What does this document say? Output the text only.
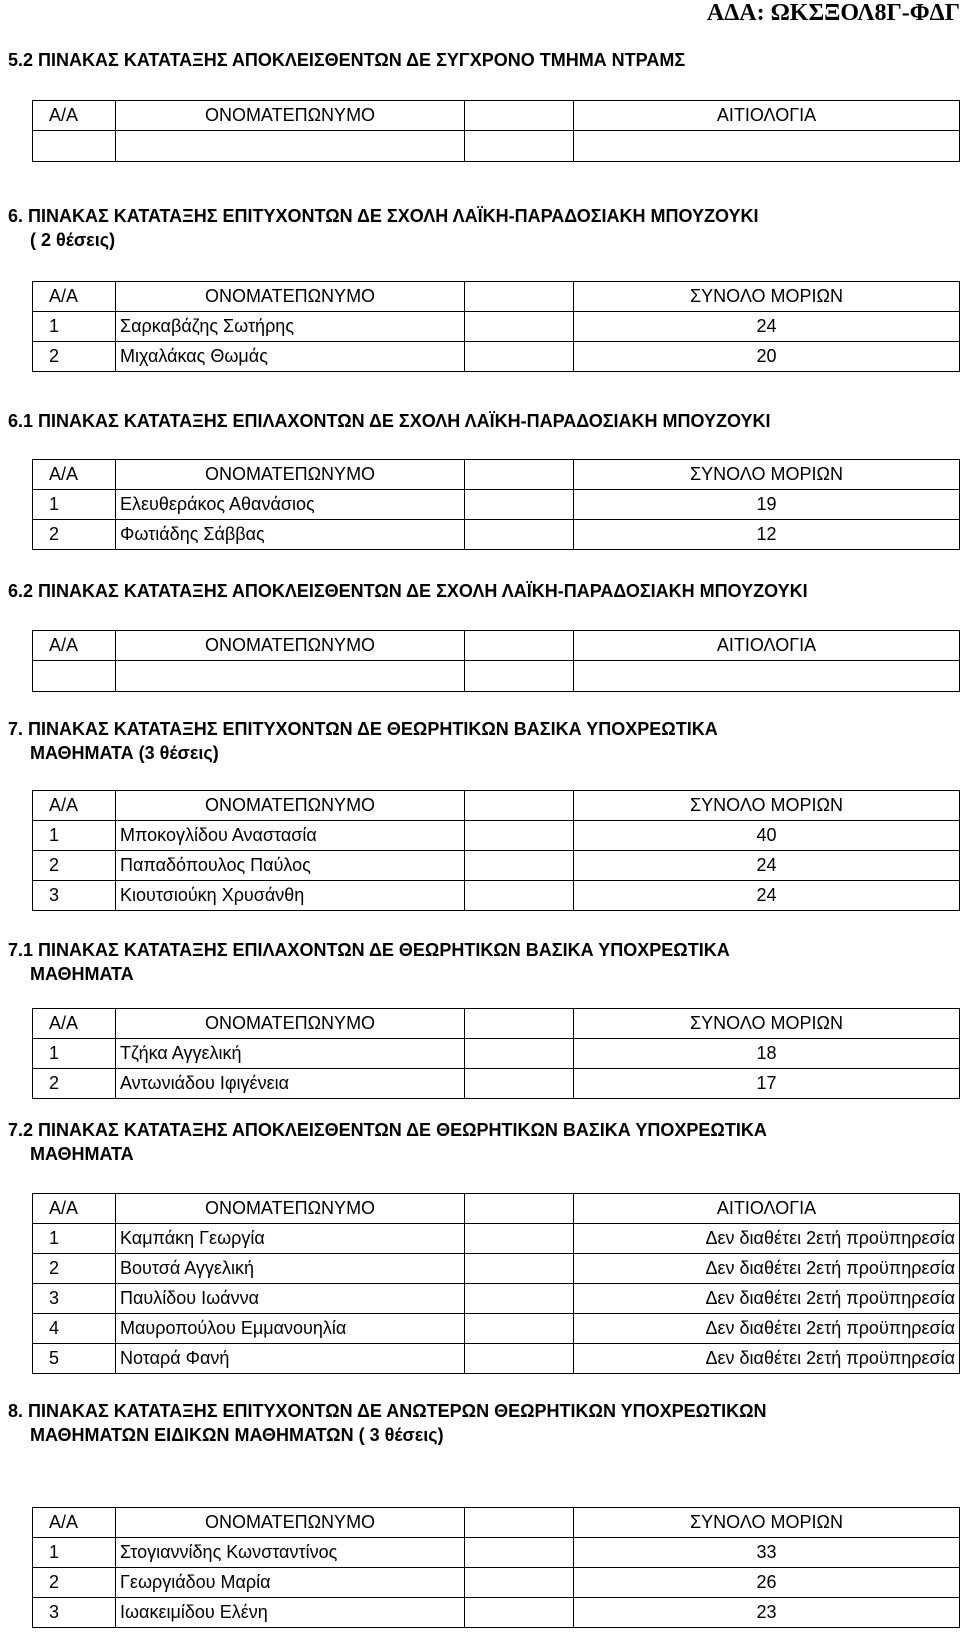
ΑΔΑ: ΩΚΣΞΟΛ8Γ-ΦΔΓ
5.2 ΠΙΝΑΚΑΣ ΚΑΤΑΤΑΞΗΣ ΑΠΟΚΛΕΙΣΘΕΝΤΩΝ ΔΕ ΣΥΓΧΡΟΝΟ ΤΜΗΜΑ ΝΤΡΑΜΣ
Α/Α	ΟΝΟΜΑΤΕΠΩΝΥΜΟ		ΑΙΤΙΟΛΟΓΙΑ

6. ΠΙΝΑΚΑΣ ΚΑΤΑΤΑΞΗΣ ΕΠΙΤΥΧΟΝΤΩΝ ΔΕ ΣΧΟΛΗ ΛΑΪΚΗ-ΠΑΡΑΔΟΣΙΑΚΗ ΜΠΟΥΖΟΥΚΙ
( 2 θέσεις)
Α/Α	ΟΝΟΜΑΤΕΠΩΝΥΜΟ		ΣΥΝΟΛΟ ΜΟΡΙΩΝ
1	Σαρκαβάζης Σωτήρης		24
2	Μιχαλάκας Θωμάς		20
6.1 ΠΙΝΑΚΑΣ ΚΑΤΑΤΑΞΗΣ ΕΠΙΛΑΧΟΝΤΩΝ ΔΕ ΣΧΟΛΗ ΛΑΪΚΗ-ΠΑΡΑΔΟΣΙΑΚΗ ΜΠΟΥΖΟΥΚΙ
Α/Α	ΟΝΟΜΑΤΕΠΩΝΥΜΟ		ΣΥΝΟΛΟ ΜΟΡΙΩΝ
1	Ελευθεράκος Αθανάσιος		19
2	Φωτιάδης Σάββας		12
6.2 ΠΙΝΑΚΑΣ ΚΑΤΑΤΑΞΗΣ ΑΠΟΚΛΕΙΣΘΕΝΤΩΝ ΔΕ ΣΧΟΛΗ ΛΑΪΚΗ-ΠΑΡΑΔΟΣΙΑΚΗ ΜΠΟΥΖΟΥΚΙ
Α/Α	ΟΝΟΜΑΤΕΠΩΝΥΜΟ		ΑΙΤΙΟΛΟΓΙΑ

7. ΠΙΝΑΚΑΣ ΚΑΤΑΤΑΞΗΣ ΕΠΙΤΥΧΟΝΤΩΝ ΔΕ ΘΕΩΡΗΤΙΚΩΝ ΒΑΣΙΚΑ ΥΠΟΧΡΕΩΤΙΚΑ
ΜΑΘΗΜΑΤΑ (3 θέσεις)
Α/Α	ΟΝΟΜΑΤΕΠΩΝΥΜΟ		ΣΥΝΟΛΟ ΜΟΡΙΩΝ
1	Μποκογλίδου Αναστασία		40
2	Παπαδόπουλος Παύλος		24
3	Κιουτσιούκη Χρυσάνθη		24
7.1 ΠΙΝΑΚΑΣ ΚΑΤΑΤΑΞΗΣ ΕΠΙΛΑΧΟΝΤΩΝ ΔΕ ΘΕΩΡΗΤΙΚΩΝ ΒΑΣΙΚΑ ΥΠΟΧΡΕΩΤΙΚΑ
ΜΑΘΗΜΑΤΑ
Α/Α	ΟΝΟΜΑΤΕΠΩΝΥΜΟ		ΣΥΝΟΛΟ ΜΟΡΙΩΝ
1	Τζήκα Αγγελική		18
2	Αντωνιάδου Ιφιγένεια		17
7.2 ΠΙΝΑΚΑΣ ΚΑΤΑΤΑΞΗΣ ΑΠΟΚΛΕΙΣΘΕΝΤΩΝ ΔΕ ΘΕΩΡΗΤΙΚΩΝ ΒΑΣΙΚΑ ΥΠΟΧΡΕΩΤΙΚΑ
ΜΑΘΗΜΑΤΑ
Α/Α	ΟΝΟΜΑΤΕΠΩΝΥΜΟ		ΑΙΤΙΟΛΟΓΙΑ
1	Καμπάκη Γεωργία		Δεν διαθέτει 2ετή προϋπηρεσία
2	Βουτσά Αγγελική		Δεν διαθέτει 2ετή προϋπηρεσία
3	Παυλίδου Ιωάννα		Δεν διαθέτει 2ετή προϋπηρεσία
4	Μαυροπούλου Εμμανουηλία		Δεν διαθέτει 2ετή προϋπηρεσία
5	Νοταρά Φανή		Δεν διαθέτει 2ετή προϋπηρεσία
8. ΠΙΝΑΚΑΣ ΚΑΤΑΤΑΞΗΣ ΕΠΙΤΥΧΟΝΤΩΝ ΔΕ ΑΝΩΤΕΡΩΝ ΘΕΩΡΗΤΙΚΩΝ ΥΠΟΧΡΕΩΤΙΚΩΝ
ΜΑΘΗΜΑΤΩΝ ΕΙΔΙΚΩΝ ΜΑΘΗΜΑΤΩΝ ( 3 θέσεις)
Α/Α	ΟΝΟΜΑΤΕΠΩΝΥΜΟ		ΣΥΝΟΛΟ ΜΟΡΙΩΝ
1	Στογιαννίδης Κωνσταντίνος		33
2	Γεωργιάδου Μαρία		26
3	Ιωακειμίδου Ελένη		23
